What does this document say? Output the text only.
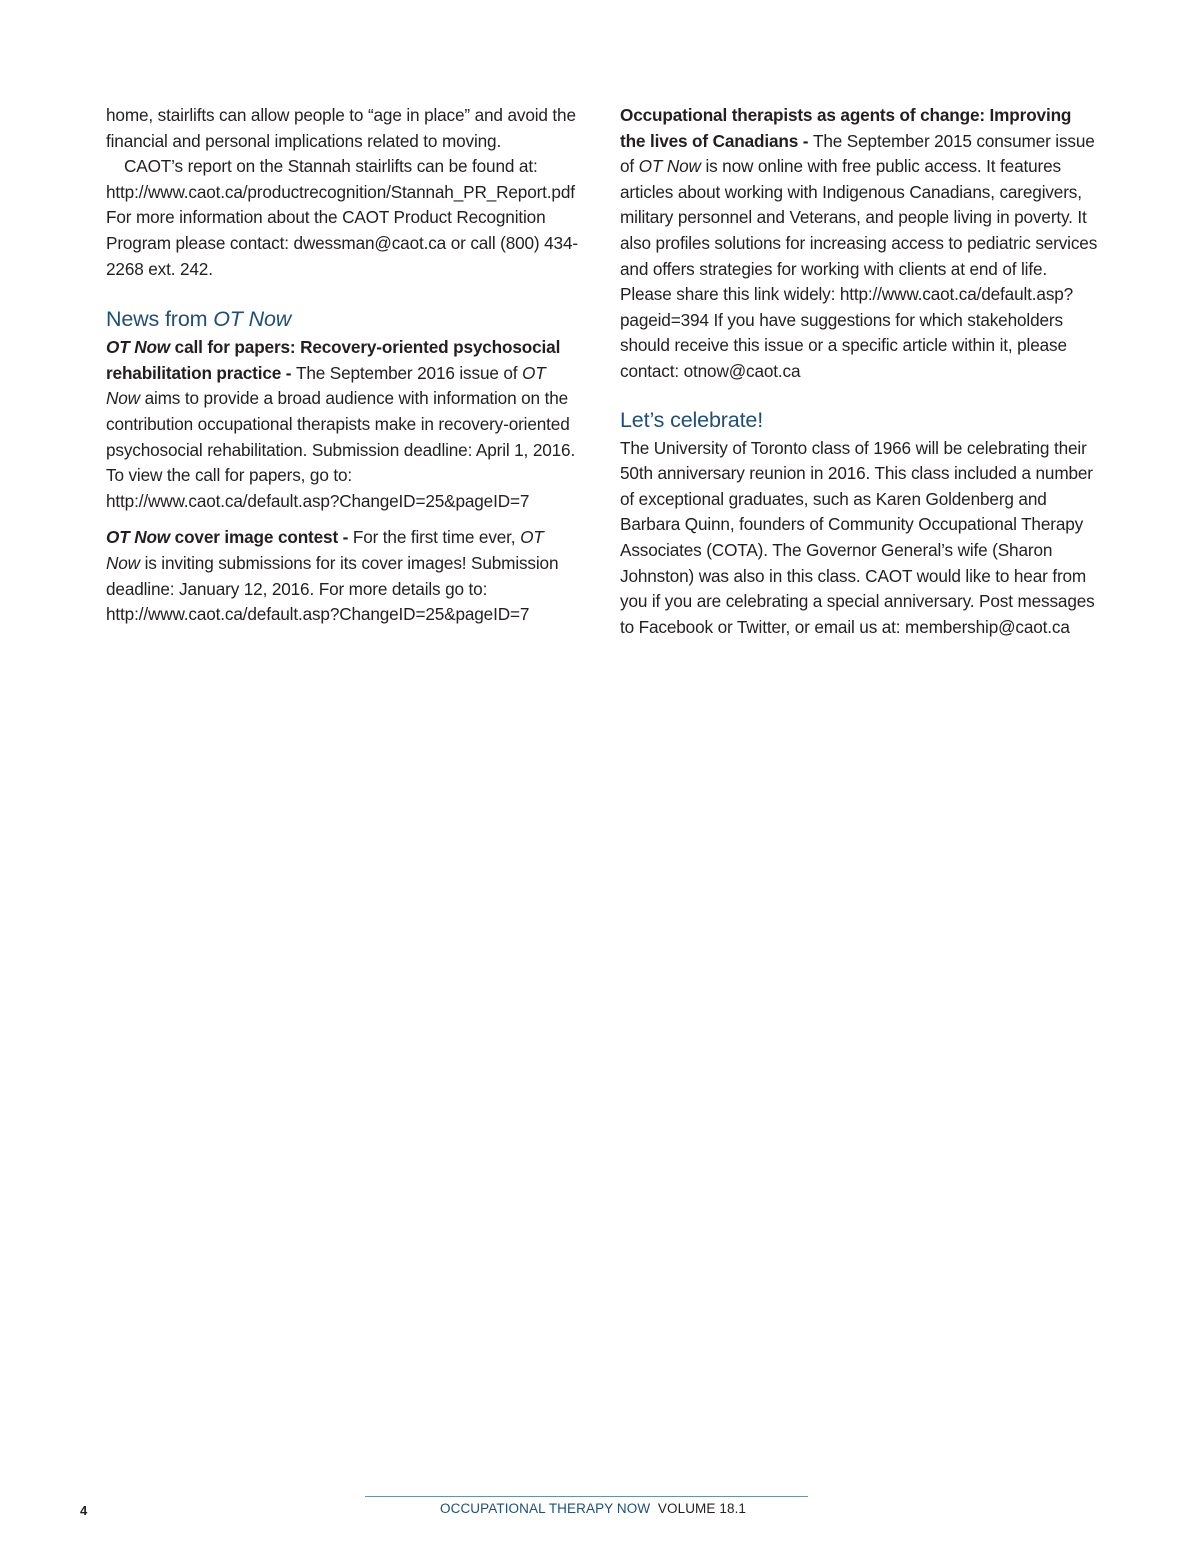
home, stairlifts can allow people to “age in place” and avoid the financial and personal implications related to moving.

CAOT’s report on the Stannah stairlifts can be found at: http://www.caot.ca/productrecognition/Stannah_PR_Report.pdf For more information about the CAOT Product Recognition Program please contact: dwessman@caot.ca or call (800) 434-2268 ext. 242.

News from OT Now

OT Now call for papers: Recovery-oriented psychosocial rehabilitation practice - The September 2016 issue of OT Now aims to provide a broad audience with information on the contribution occupational therapists make in recovery-oriented psychosocial rehabilitation. Submission deadline: April 1, 2016. To view the call for papers, go to: http://www.caot.ca/default.asp?ChangeID=25&pageID=7

OT Now cover image contest - For the first time ever, OT Now is inviting submissions for its cover images! Submission deadline: January 12, 2016. For more details go to: http://www.caot.ca/default.asp?ChangeID=25&pageID=7

Occupational therapists as agents of change: Improving the lives of Canadians - The September 2015 consumer issue of OT Now is now online with free public access. It features articles about working with Indigenous Canadians, caregivers, military personnel and Veterans, and people living in poverty. It also profiles solutions for increasing access to pediatric services and offers strategies for working with clients at end of life. Please share this link widely: http://www.caot.ca/default.asp?pageid=394 If you have suggestions for which stakeholders should receive this issue or a specific article within it, please contact: otnow@caot.ca

Let’s celebrate!

The University of Toronto class of 1966 will be celebrating their 50th anniversary reunion in 2016. This class included a number of exceptional graduates, such as Karen Goldenberg and Barbara Quinn, founders of Community Occupational Therapy Associates (COTA). The Governor General’s wife (Sharon Johnston) was also in this class. CAOT would like to hear from you if you are celebrating a special anniversary. Post messages to Facebook or Twitter, or email us at: membership@caot.ca

4	OCCUPATIONAL THERAPY NOW VOLUME 18.1
